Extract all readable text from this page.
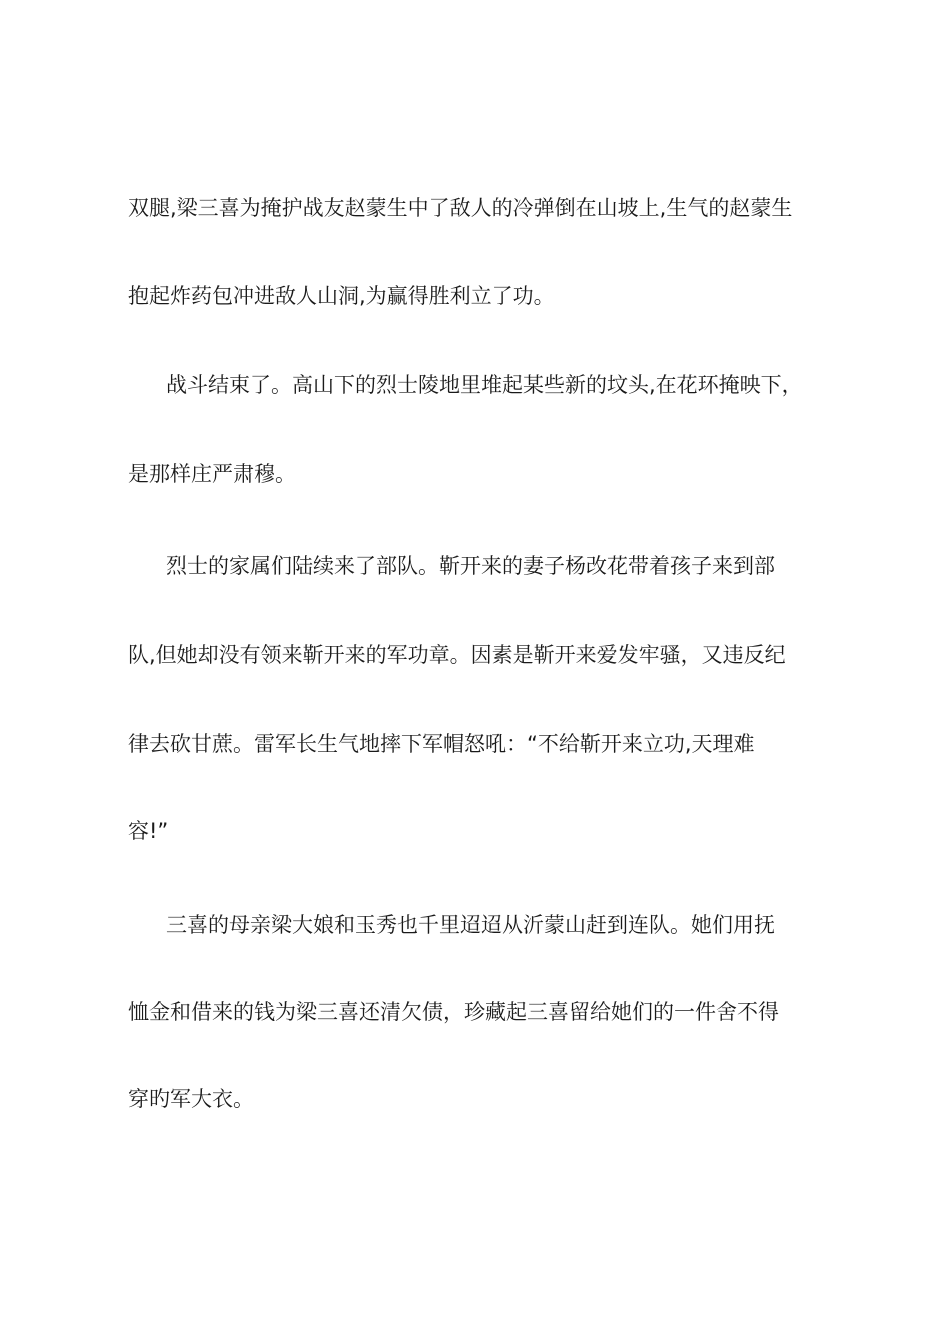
双腿,梁三喜为掩护战友赵蒙生中了敌人的冷弹倒在山坡上,生气的赵蒙生
抱起炸药包冲进敌人山洞,为赢得胜利立了功。
战斗结束了。高山下的烈士陵地里堆起某些新的坟头,在花环掩映下，
是那样庄严肃穆。
烈士的家属们陆续来了部队。靳开来的妻子杨改花带着孩子来到部
队,但她却没有领来靳开来的军功章。因素是靳开来爱发牢骚，又违反纪
律去砍甘蔗。雷军长生气地摔下军帽怒吼：“不给靳开来立功,天理难
容!”
三喜的母亲梁大娘和玉秀也千里迢迢从沂蒙山赶到连队。她们用抚
恤金和借来的钱为梁三喜还清欠债，珍藏起三喜留给她们的一件舍不得
穿旳军大衣。
